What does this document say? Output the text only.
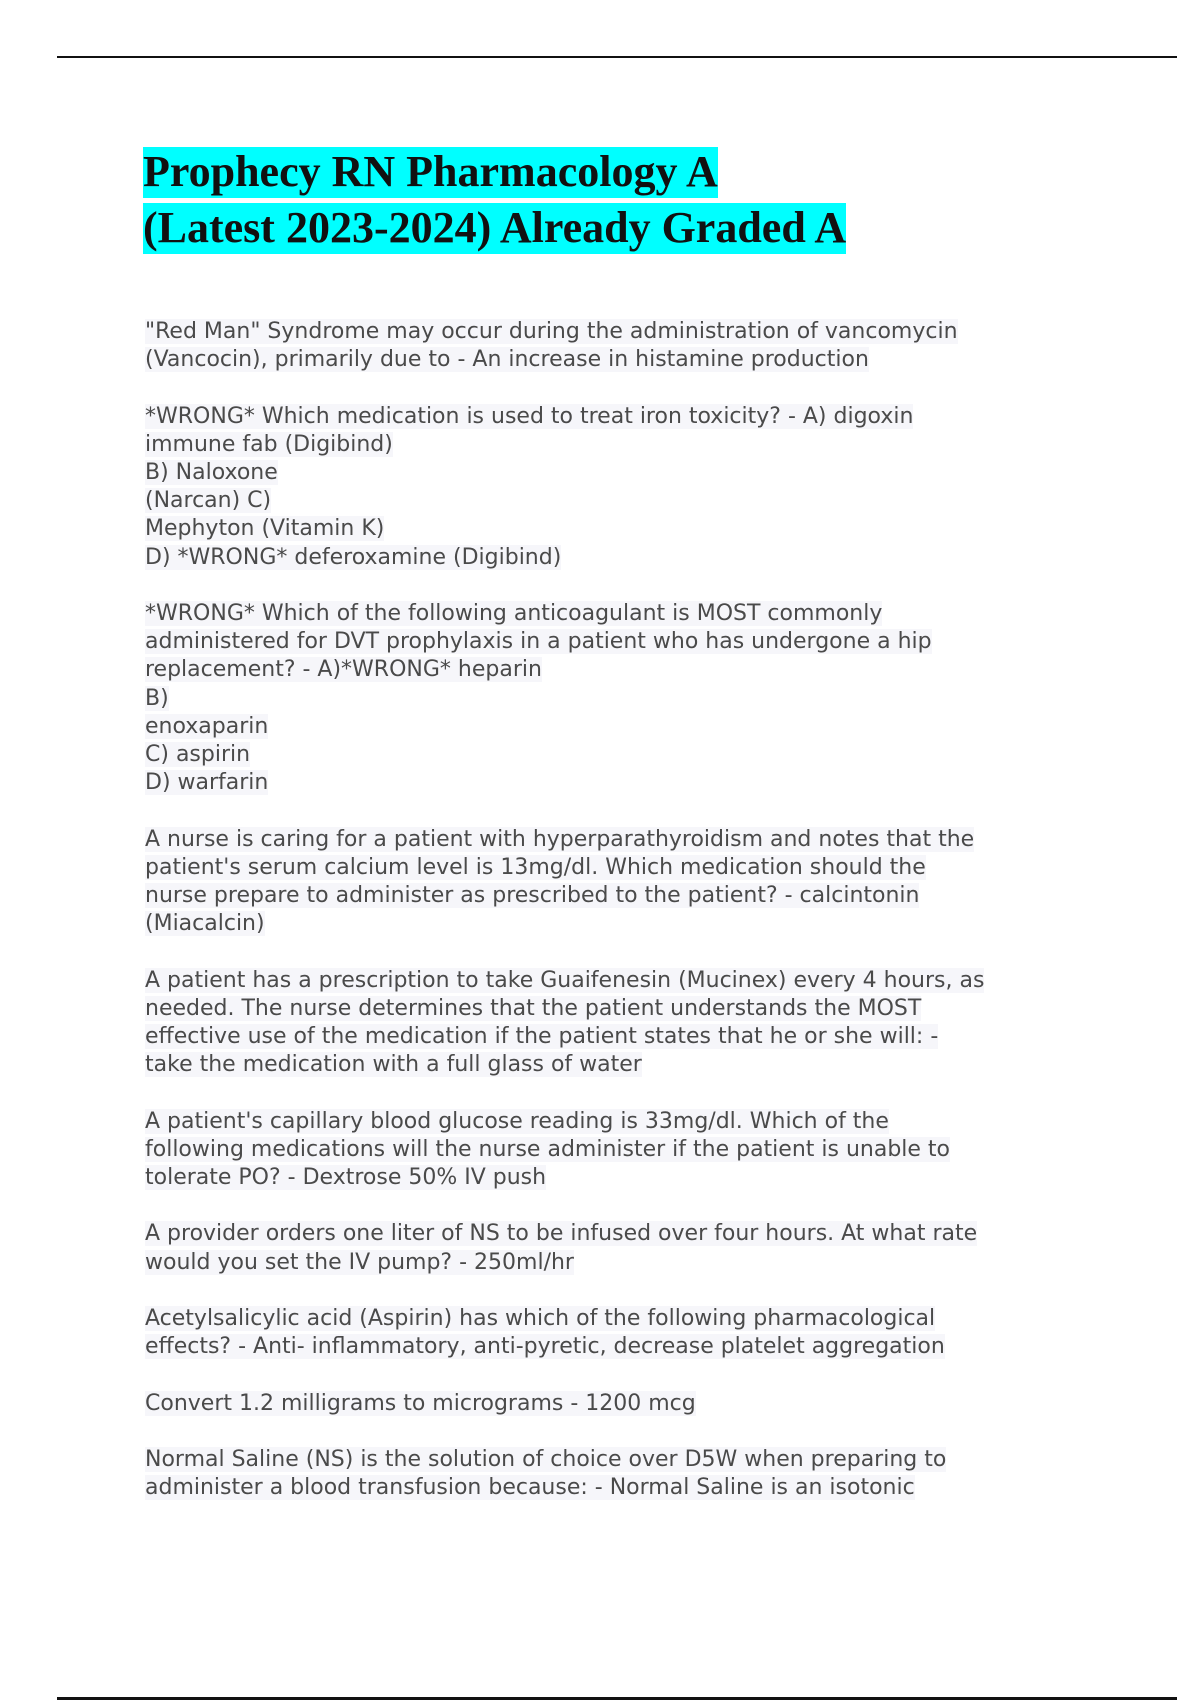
Prophecy RN Pharmacology A
(Latest 2023-2024) Already Graded A
"Red Man" Syndrome may occur during the administration of vancomycin
(Vancocin), primarily due to - An increase in histamine production
*WRONG* Which medication is used to treat iron toxicity? - A) digoxin
immune fab (Digibind)
B) Naloxone
(Narcan) C)
Mephyton (Vitamin K)
D) *WRONG* deferoxamine (Digibind)
*WRONG* Which of the following anticoagulant is MOST commonly
administered for DVT prophylaxis in a patient who has undergone a hip
replacement? - A)*WRONG* heparin
B)
enoxaparin
C) aspirin
D) warfarin
A nurse is caring for a patient with hyperparathyroidism and notes that the
patient's serum calcium level is 13mg/dl. Which medication should the
nurse prepare to administer as prescribed to the patient? - calcintonin
(Miacalcin)
A patient has a prescription to take Guaifenesin (Mucinex) every 4 hours, as
needed. The nurse determines that the patient understands the MOST
effective use of the medication if the patient states that he or she will: -
take the medication with a full glass of water
A patient's capillary blood glucose reading is 33mg/dl. Which of the
following medications will the nurse administer if the patient is unable to
tolerate PO? - Dextrose 50% IV push
A provider orders one liter of NS to be infused over four hours. At what rate
would you set the IV pump? - 250ml/hr
Acetylsalicylic acid (Aspirin) has which of the following pharmacological
effects? - Anti- inflammatory, anti-pyretic, decrease platelet aggregation
Convert 1.2 milligrams to micrograms - 1200 mcg
Normal Saline (NS) is the solution of choice over D5W when preparing to
administer a blood transfusion because: - Normal Saline is an isotonic
